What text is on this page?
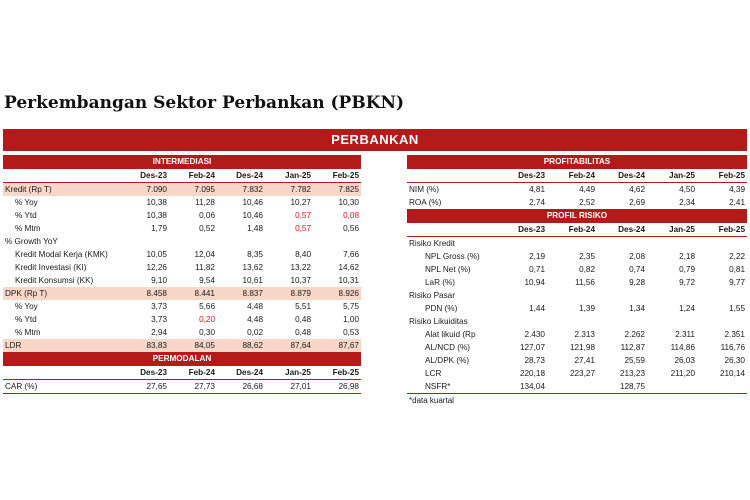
Perkembangan Sektor Perbankan (PBKN)
PERBANKAN
INTERMEDIASI					
	Des-23	Feb-24	Des-24	Jan-25	Feb-25
Kredit (Rp T)	7.090	7.095	7.832	7.782	7.825
% Yoy	10,38	11,28	10,46	10,27	10,30
% Ytd	10,38	0,06	10,46	0,57	0,08
% Mtm	1,79	0,52	1,48	0,57	0,56
% Growth YoY					
Kredit Modal Kerja (KMK)	10,05	12,04	8,35	8,40	7,66
Kredit Investasi (KI)	12,26	11,82	13,62	13,22	14,62
Kredit Konsumsi (KK)	9,10	9,54	10,61	10,37	10,31
DPK (Rp T)	8.458	8.441	8.837	8.879	8.926
% Yoy	3,73	5,66	4,48	5,51	5,75
% Ytd	3,73	0,20	4,48	0,48	1,00
% Mtm	2,94	0,30	0,02	0,48	0,53
LDR	83,83	84,05	88,62	87,64	87,67
PERMODALAN					
	Des-23	Feb-24	Des-24	Jan-25	Feb-25
CAR (%)	27,65	27,73	26,68	27,01	26,98
PROFITABILITAS					
	Des-23	Feb-24	Des-24	Jan-25	Feb-25
NIM (%)	4,81	4,49	4,62	4,50	4,39
ROA (%)	2,74	2,52	2,69	2,34	2,41
PROFIL RISIKO					
	Des-23	Feb-24	Des-24	Jan-25	Feb-25
Risiko Kredit					
NPL Gross (%)	2,19	2,35	2,08	2,18	2,22
NPL Net (%)	0,71	0,82	0,74	0,79	0,81
LaR (%)	10,94	11,56	9,28	9,72	9,77
Risiko Pasar					
PDN (%)	1,44	1,39	1,34	1,24	1,55
Risiko Likuiditas					
Alat likuid (Rp	2.430	2.313	2.262	2.311	2.351
AL/NCD (%)	127,07	121,98	112,87	114,86	116,76
AL/DPK (%)	28,73	27,41	25,59	26,03	26,30
LCR	220,18	223,27	213,23	211,20	210,14
NSFR*	134,04		128,75		
*data kuartal
